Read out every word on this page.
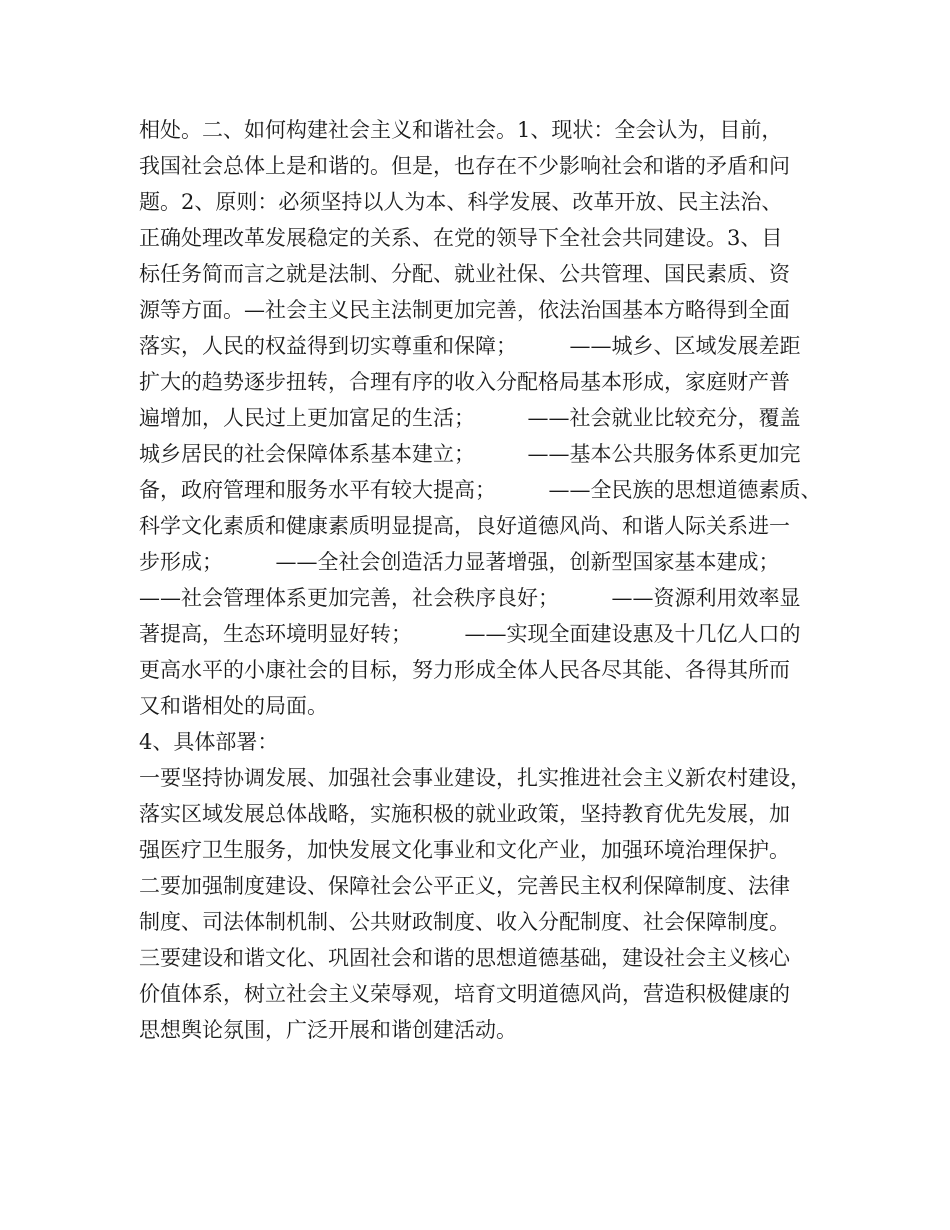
相处。二、如何构建社会主义和谐社会。1、现状：全会认为，目前，
我国社会总体上是和谐的。但是，也存在不少影响社会和谐的矛盾和问
题。2、原则：必须坚持以人为本、科学发展、改革开放、民主法治、
正确处理改革发展稳定的关系、在党的领导下全社会共同建设。3、目
标任务简而言之就是法制、分配、就业社保、公共管理、国民素质、资
源等方面。—社会主义民主法制更加完善，依法治国基本方略得到全面
落实，人民的权益得到切实尊重和保障；　　　——城乡、区域发展差距
扩大的趋势逐步扭转，合理有序的收入分配格局基本形成，家庭财产普
遍增加，人民过上更加富足的生活；　　　——社会就业比较充分，覆盖
城乡居民的社会保障体系基本建立；　　　——基本公共服务体系更加完
备，政府管理和服务水平有较大提高；　　　——全民族的思想道德素质、
科学文化素质和健康素质明显提高，良好道德风尚、和谐人际关系进一
步形成；　　　——全社会创造活力显著增强，创新型国家基本建成；
——社会管理体系更加完善，社会秩序良好；　　　——资源利用效率显
著提高，生态环境明显好转；　　　——实现全面建设惠及十几亿人口的
更高水平的小康社会的目标，努力形成全体人民各尽其能、各得其所而
又和谐相处的局面。
4、具体部署：
一要坚持协调发展、加强社会事业建设，扎实推进社会主义新农村建设，
落实区域发展总体战略，实施积极的就业政策，坚持教育优先发展，加
强医疗卫生服务，加快发展文化事业和文化产业，加强环境治理保护。
二要加强制度建设、保障社会公平正义，完善民主权利保障制度、法律
制度、司法体制机制、公共财政制度、收入分配制度、社会保障制度。
三要建设和谐文化、巩固社会和谐的思想道德基础，建设社会主义核心
价值体系，树立社会主义荣辱观，培育文明道德风尚，营造积极健康的
思想舆论氛围，广泛开展和谐创建活动。
